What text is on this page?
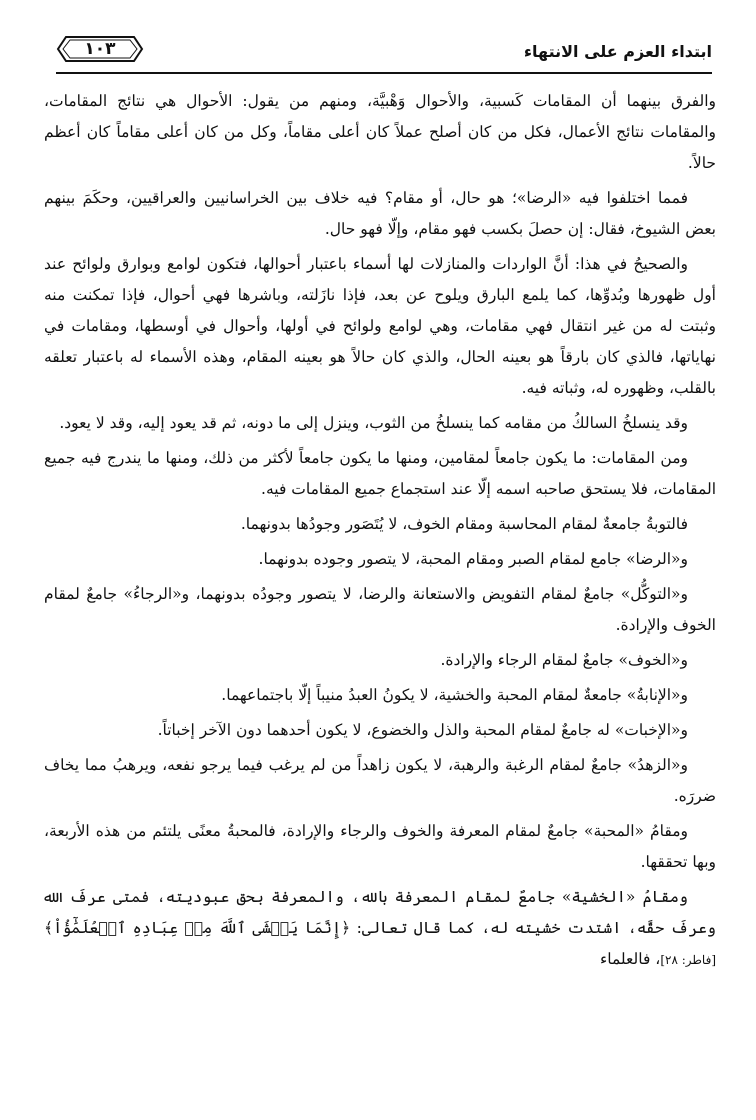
ابتداء العزم على الانتهاء
١٠٣

والفرق بينهما أن المقامات كَسبية، والأحوال وَهْبيَّة، ومنهم من يقول: الأحوال هي نتائج المقامات، والمقامات نتائج الأعمال، فكل من كان أصلح عملاً كان أعلى مقاماً، وكل من كان أعلى مقاماً كان أعظم حالاً.

فمما اختلفوا فيه «الرضا»؛ هو حال، أو مقام؟ فيه خلاف بين الخراسانيين والعراقيين، وحكَمَ بينهم بعض الشيوخ، فقال: إن حصلَ بكسب فهو مقام، وإلّا فهو حال.

والصحيحُ في هذا: أنَّ الواردات والمنازلات لها أسماء باعتبار أحوالها، فتكون لوامع وبوارق ولوائح عند أول ظهورها وبُدوِّها، كما يلمع البارق ويلوح عن بعد، فإذا نازَلته، وباشرها فهي أحوال، فإذا تمكنت منه وثبتت له من غير انتقال فهي مقامات، وهي لوامع ولوائح في أولها، وأحوال في أوسطها، ومقامات في نهاياتها، فالذي كان بارقاً هو بعينه الحال، والذي كان حالاً هو بعينه المقام، وهذه الأسماء له باعتبار تعلقه بالقلب، وظهوره له، وثباته فيه.

وقد ينسلخُ السالكُ من مقامه كما ينسلخُ من الثوب، وينزل إلى ما دونه، ثم قد يعود إليه، وقد لا يعود.

ومن المقامات: ما يكون جامعاً لمقامين، ومنها ما يكون جامعاً لأكثر من ذلك، ومنها ما يندرج فيه جميع المقامات، فلا يستحق صاحبه اسمه إلّا عند استجماع جميع المقامات فيه.

فالتوبةُ جامعةٌ لمقام المحاسبة ومقام الخوف، لا يُتَصَور وجودُها بدونهما.

و«الرضا» جامع لمقام الصبر ومقام المحبة، لا يتصور وجوده بدونهما.

و«التوكُّل» جامعٌ لمقام التفويض والاستعانة والرضا، لا يتصور وجودُه بدونهما، و«الرجاءُ» جامعٌ لمقام الخوف والإرادة.

و«الخوف» جامعٌ لمقام الرجاء والإرادة.

و«الإنابةُ» جامعةٌ لمقام المحبة والخشية، لا يكونُ العبدُ منيباً إلّا باجتماعهما.

و«الإخبات» له جامعٌ لمقام المحبة والذل والخضوع، لا يكون أحدهما دون الآخر إخباتاً.

و«الزهدُ» جامعٌ لمقام الرغبة والرهبة، لا يكون زاهداً من لم يرغب فيما يرجو نفعه، ويرهبُ مما يخاف ضررَه.

ومقامُ «المحبة» جامعٌ لمقام المعرفة والخوف والرجاء والإرادة، فالمحبةُ معنًى يلتئم من هذه الأربعة، وبها تحققها.

ومقامُ «الخشية» جامعٌ لمقام المعرفة بالله، والمعرفة بحق عبوديته، فمتى عرفَ الله وعرفَ حقَّه، اشتدت خشيته له، كما قال تعالى: ﴿إِنَّمَا يَخۡشَى ٱللَّهَ مِنۡ عِبَادِهِ ٱلۡعُلَمَٰٓؤُاْ﴾ [فاطر: ٢٨]، فالعلماء
